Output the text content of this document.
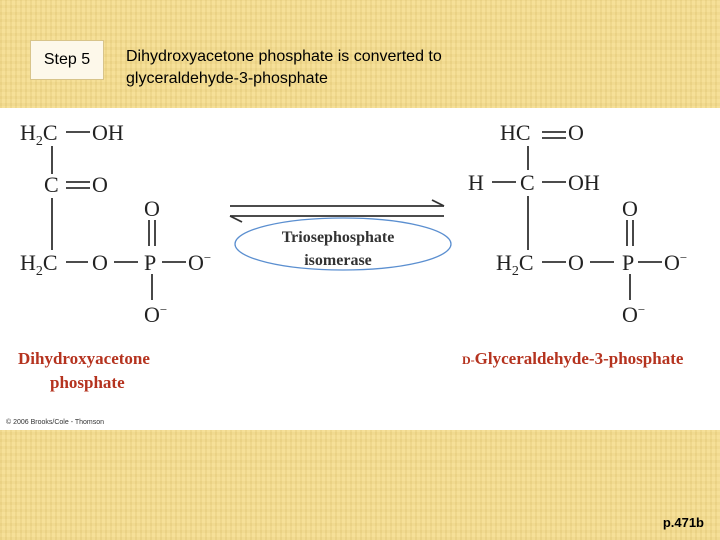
Step 5	Dihydroxyacetone phosphate is converted to
glyceraldehyde-3-phosphate
$H_2C$ OH
C O
$H_2C$ O P
O
O−
O−
Triosephosphate
isomerase
HC O
H C OH
$H_2C$ O P
O
O−
O−
Dihydroxyacetone
phosphate
D-Glyceraldehyde-3-phosphate
© 2006 Brooks/Cole - Thomson
p.471b
